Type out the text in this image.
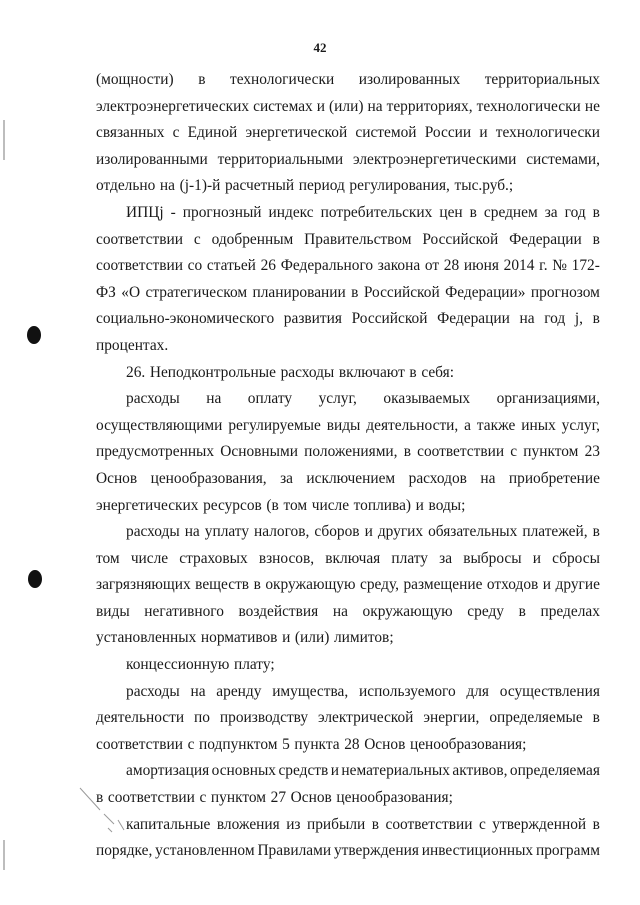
42
(мощности) в технологически изолированных территориальных
электроэнергетических системах и (или) на территориях, технологически не
связанных с Единой энергетической системой России и технологически
изолированными территориальными электроэнергетическими системами,
отдельно на (j-1)-й расчетный период регулирования, тыс.руб.;
ИПЦj - прогнозный индекс потребительских цен в среднем за год в
соответствии с одобренным Правительством Российской Федерации в
соответствии со статьей 26 Федерального закона от 28 июня 2014 г. № 172-
ФЗ «О стратегическом планировании в Российской Федерации» прогнозом
социально-экономического развития Российской Федерации на год j, в
процентах.
26. Неподконтрольные расходы включают в себя:
расходы на оплату услуг, оказываемых организациями,
осуществляющими регулируемые виды деятельности, а также иных услуг,
предусмотренных Основными положениями, в соответствии с пунктом 23
Основ ценообразования, за исключением расходов на приобретение
энергетических ресурсов (в том числе топлива) и воды;
расходы на уплату налогов, сборов и других обязательных платежей, в
том числе страховых взносов, включая плату за выбросы и сбросы
загрязняющих веществ в окружающую среду, размещение отходов и другие
виды негативного воздействия на окружающую среду в пределах
установленных нормативов и (или) лимитов;
концессионную плату;
расходы на аренду имущества, используемого для осуществления
деятельности по производству электрической энергии, определяемые в
соответствии с подпунктом 5 пункта 28 Основ ценообразования;
амортизация основных средств и нематериальных активов, определяемая
в соответствии с пунктом 27 Основ ценообразования;
капитальные вложения из прибыли в соответствии с утвержденной в
порядке, установленном Правилами утверждения инвестиционных программ
